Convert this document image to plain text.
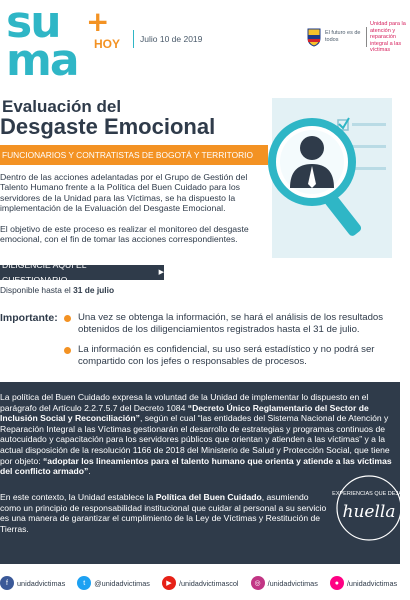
su
ma
+
HOY	Julio 10 de 2019
El futuro es de todos
Unidad para la atención y reparación integral a las víctimas
Evaluación del
Desgaste Emocional
FUNCIONARIOS Y CONTRATISTAS DE BOGOTÁ Y TERRITORIO
Dentro de las acciones adelantadas por el Grupo de Gestión del Talento Humano frente a la Política del Buen Cuidado para los servidores de la Unidad para las Víctimas, se ha dispuesto la implementación de la Evaluación del Desgaste Emocional.
El objetivo de este proceso es realizar el monitoreo del desgaste emocional, con el fin de tomar las acciones correspondientes.
DILIGENCIE AQUÍ EL CUESTIONARIO
▶
Disponible hasta el 31 de julio
Importante:	Una vez se obtenga la información, se hará el análisis de los resultados obtenidos de los diligenciamientos registrados hasta el 31 de julio.
La información es confidencial, su uso será estadístico y no podrá ser compartido con los jefes o responsables de procesos.
La política del Buen Cuidado expresa la voluntad de la Unidad de implementar lo dispuesto en el parágrafo del Artículo 2.2.7.5.7 del Decreto 1084 “Decreto Único Reglamentario del Sector de Inclusión Social y Reconciliación”, según el cual “las entidades del Sistema Nacional de Atención y Reparación Integral a las Víctimas gestionarán el desarrollo de estrategias y programas continuos de autocuidado y capacitación para los servidores públicos que orientan y atienden a las víctimas” y a la actual disposición de la resolución 1166 de 2018 del Ministerio de Salud y Protección Social, que tiene por objeto: “adoptar los lineamientos para el talento humano que orienta y atiende a las víctimas del conflicto armado”.
En este contexto, la Unidad establece la Política del Buen Cuidado, asumiendo como un principio de responsabilidad institucional que cuidar al personal a su servicio es una manera de garantizar el cumplimiento de la Ley de Víctimas y Restitución de Tierras.
EXPERIENCIAS QUE DEJAN
huella
f	unidadvictimas	t	@unidadvictimas	▶	/unidadvictimascol	◎ /unidadvictimas	●	/unidadvictimas
